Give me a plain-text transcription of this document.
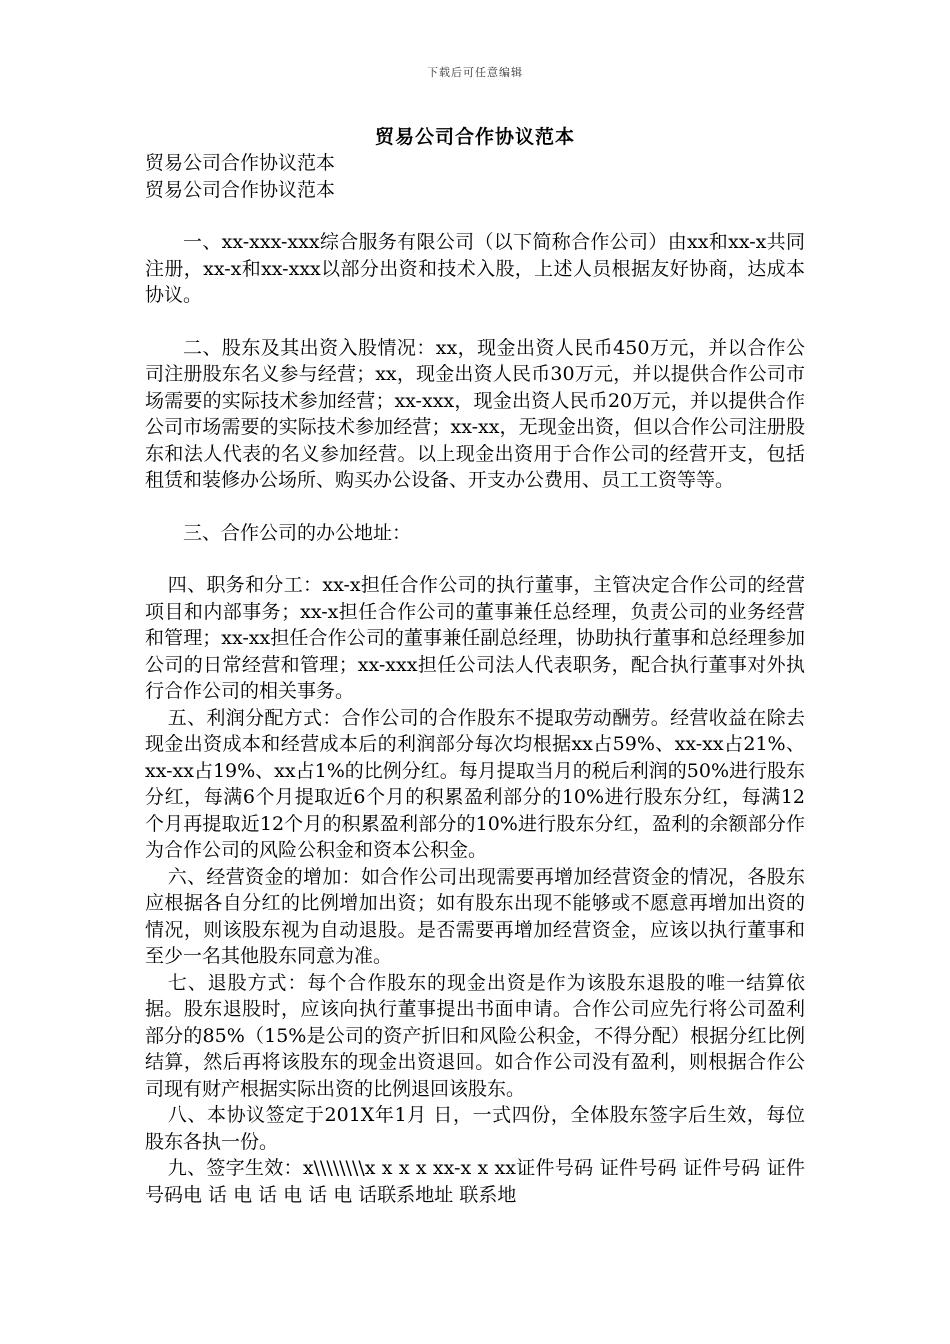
下载后可任意编辑
贸易公司合作协议范本

贸易公司合作协议范本

贸易公司合作协议范本

一、xx-xxx-xxx综合服务有限公司（以下简称合作公司）由xx和xx-x共同注册，xx-x和xx-xxx以部分出资和技术入股，上述人员根据友好协商，达成本协议。

二、股东及其出资入股情况：xx，现金出资人民币450万元，并以合作公司注册股东名义参与经营；xx，现金出资人民币30万元，并以提供合作公司市场需要的实际技术参加经营；xx-xxx，现金出资人民币20万元，并以提供合作公司市场需要的实际技术参加经营；xx-xx，无现金出资，但以合作公司注册股东和法人代表的名义参加经营。以上现金出资用于合作公司的经营开支，包括租赁和装修办公场所、购买办公设备、开支办公费用、员工工资等等。

三、合作公司的办公地址：

四、职务和分工：xx-x担任合作公司的执行董事，主管决定合作公司的经营项目和内部事务；xx-x担任合作公司的董事兼任总经理，负责公司的业务经营和管理；xx-xx担任合作公司的董事兼任副总经理，协助执行董事和总经理参加公司的日常经营和管理；xx-xxx担任公司法人代表职务，配合执行董事对外执行合作公司的相关事务。

五、利润分配方式：合作公司的合作股东不提取劳动酬劳。经营收益在除去现金出资成本和经营成本后的利润部分每次均根据xx占59%、xx-xx占21%、xx-xx占19%、xx占1%的比例分红。每月提取当月的税后利润的50%进行股东分红，每满6个月提取近6个月的积累盈利部分的10%进行股东分红，每满12个月再提取近12个月的积累盈利部分的10%进行股东分红，盈利的余额部分作为合作公司的风险公积金和资本公积金。

六、经营资金的增加：如合作公司出现需要再增加经营资金的情况，各股东应根据各自分红的比例增加出资；如有股东出现不能够或不愿意再增加出资的情况，则该股东视为自动退股。是否需要再增加经营资金，应该以执行董事和至少一名其他股东同意为准。

七、退股方式：每个合作股东的现金出资是作为该股东退股的唯一结算依据。股东退股时，应该向执行董事提出书面申请。合作公司应先行将公司盈利部分的85%（15%是公司的资产折旧和风险公积金，不得分配）根据分红比例结算，然后再将该股东的现金出资退回。如合作公司没有盈利，则根据合作公司现有财产根据实际出资的比例退回该股东。

八、本协议签定于201X年1月 日，一式四份，全体股东签字后生效，每位股东各执一份。

九、签字生效：x\\\\\\\\x x x x xx-x x xx证件号码 证件号码 证件号码 证件号码电 话 电 话 电 话 电 话联系地址 联系地
